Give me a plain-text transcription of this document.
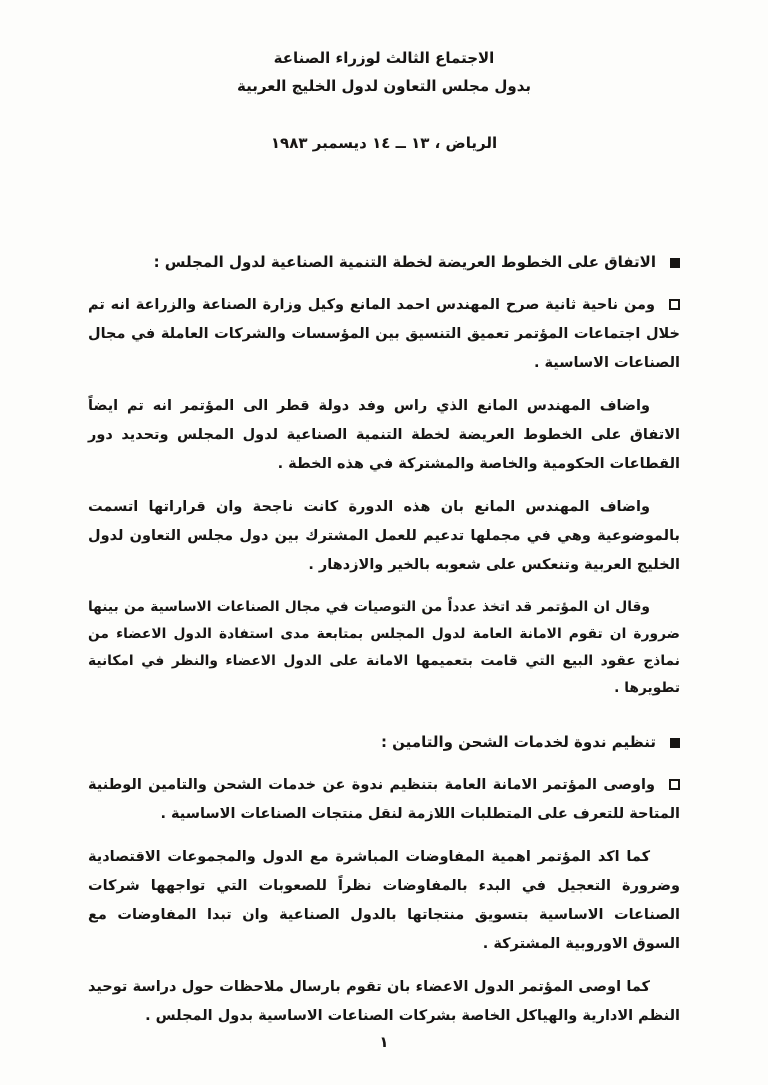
الاجتماع الثالث لوزراء الصناعة
بدول مجلس التعاون لدول الخليج العربية
الرياض ، ١٣ ــ ١٤ ديسمبر ١٩٨٣
الاتفاق على الخطوط العريضة لخطة التنمية الصناعية لدول المجلس :

ومن ناحية ثانية صرح المهندس احمد المانع وكيل وزارة الصناعة والزراعة انه تم خلال اجتماعات المؤتمر تعميق التنسيق بين المؤسسات والشركات العاملة في مجال الصناعات الاساسية .

واضاف المهندس المانع الذي راس وفد دولة قطر الى المؤتمر انه تم ايضاً الاتفاق على الخطوط العريضة لخطة التنمية الصناعية لدول المجلس وتحديد دور القطاعات الحكومية والخاصة والمشتركة في هذه الخطة .

واضاف المهندس المانع بان هذه الدورة كانت ناجحة وان قراراتها اتسمت بالموضوعية وهي في مجملها تدعيم للعمل المشترك بين دول مجلس التعاون لدول الخليج العربية وتنعكس على شعوبه بالخير والازدهار .

وقال ان المؤتمر قد اتخذ عدداً من التوصيات في مجال الصناعات الاساسية من بينها ضرورة ان تقوم الامانة العامة لدول المجلس بمتابعة مدى استفادة الدول الاعضاء من نماذج عقود البيع التي قامت بتعميمها الامانة على الدول الاعضاء والنظر في امكانية تطويرها .

تنظيم ندوة لخدمات الشحن والتامين :

واوصى المؤتمر الامانة العامة بتنظيم ندوة عن خدمات الشحن والتامين الوطنية المتاحة للتعرف على المتطلبات اللازمة لنقل منتجات الصناعات الاساسية .

كما اكد المؤتمر اهمية المفاوضات المباشرة مع الدول والمجموعات الاقتصادية وضرورة التعجيل في البدء بالمفاوضات نظراً للصعوبات التي تواجهها شركات الصناعات الاساسية بتسويق منتجاتها بالدول الصناعية وان تبدا المفاوضات مع السوق الاوروبية المشتركة .

كما اوصى المؤتمر الدول الاعضاء بان تقوم بارسال ملاحظات حول دراسة توحيد النظم الادارية والهياكل الخاصة بشركات الصناعات الاساسية بدول المجلس .

١
